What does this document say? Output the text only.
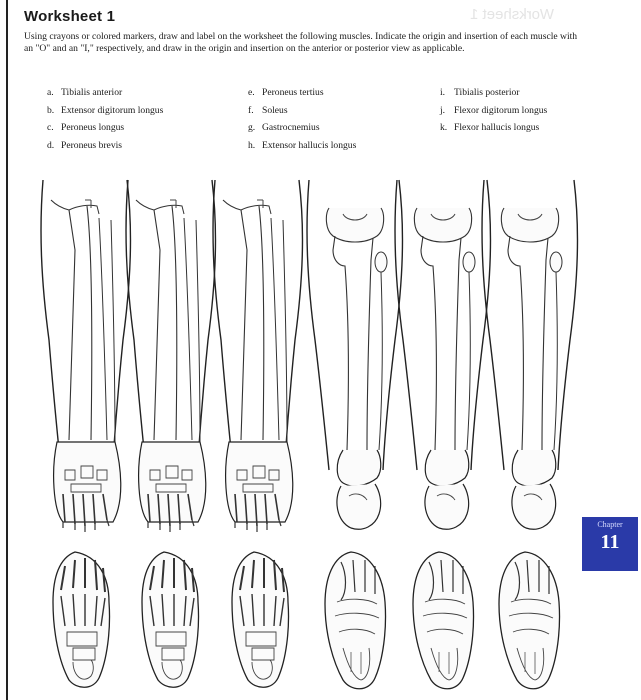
Worksheet 1
Worksheet 1
Using crayons or colored markers, draw and label on the worksheet the following muscles. Indicate the origin and insertion of each muscle with an "O" and an "I," respectively, and draw in the origin and insertion on the anterior or posterior view as applicable.
a. Tibialis anterior
b. Extensor digitorum longus
c. Peroneus longus
d. Peroneus brevis
e. Peroneus tertius
f. Soleus
g. Gastrocnemius
h. Extensor hallucis longus
i. Tibialis posterior
j. Flexor digitorum longus
k. Flexor hallucis longus
Chapter
11
